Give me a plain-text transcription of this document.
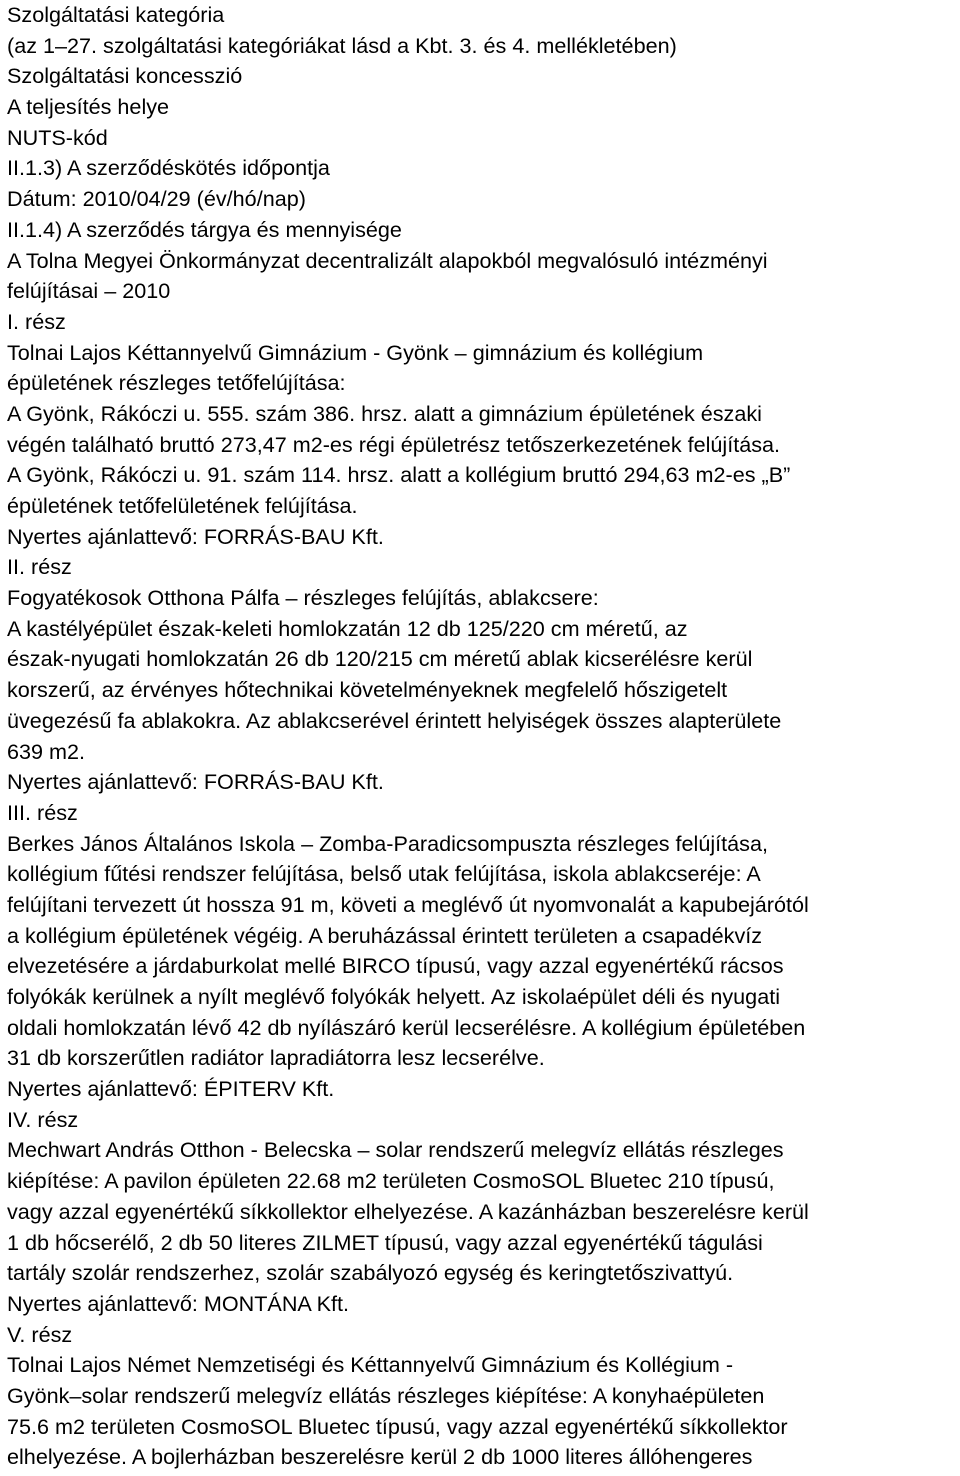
Szolgáltatási kategória
(az 1–27. szolgáltatási kategóriákat lásd a Kbt. 3. és 4. mellékletében)
Szolgáltatási koncesszió
A teljesítés helye
NUTS-kód
II.1.3) A szerződéskötés időpontja
Dátum: 2010/04/29 (év/hó/nap)
II.1.4) A szerződés tárgya és mennyisége
A Tolna Megyei Önkormányzat decentralizált alapokból megvalósuló intézményi
felújításai – 2010
I. rész
Tolnai Lajos Kéttannyelvű Gimnázium - Gyönk – gimnázium és kollégium
épületének részleges tetőfelújítása:
A Gyönk, Rákóczi u. 555. szám 386. hrsz. alatt a gimnázium épületének északi
végén található bruttó 273,47 m2-es régi épületrész tetőszerkezetének felújítása.
A Gyönk, Rákóczi u. 91. szám 114. hrsz. alatt a kollégium bruttó 294,63 m2-es „B”
épületének tetőfelületének felújítása.
Nyertes ajánlattevő: FORRÁS-BAU Kft.
II. rész
Fogyatékosok Otthona Pálfa – részleges felújítás, ablakcsere:
A kastélyépület észak-keleti homlokzatán 12 db 125/220 cm méretű, az
észak-nyugati homlokzatán 26 db 120/215 cm méretű ablak kicserélésre kerül
korszerű, az érvényes hőtechnikai követelményeknek megfelelő hőszigetelt
üvegezésű fa ablakokra. Az ablakcserével érintett helyiségek összes alapterülete
639 m2.
Nyertes ajánlattevő: FORRÁS-BAU Kft.
III. rész
Berkes János Általános Iskola – Zomba-Paradicsompuszta részleges felújítása,
kollégium fűtési rendszer felújítása, belső utak felújítása, iskola ablakcseréje: A
felújítani tervezett út hossza 91 m, követi a meglévő út nyomvonalát a kapubejárótól
a kollégium épületének végéig. A beruházással érintett területen a csapadékvíz
elvezetésére a járdaburkolat mellé BIRCO típusú, vagy azzal egyenértékű rácsos
folyókák kerülnek a nyílt meglévő folyókák helyett. Az iskolaépület déli és nyugati
oldali homlokzatán lévő 42 db nyílászáró kerül lecserélésre. A kollégium épületében
31 db korszerűtlen radiátor lapradiátorra lesz lecserélve.
Nyertes ajánlattevő: ÉPITERV Kft.
IV. rész
Mechwart András Otthon - Belecska – solar rendszerű melegvíz ellátás részleges
kiépítése: A pavilon épületen 22.68 m2 területen CosmoSOL Bluetec 210 típusú,
vagy azzal egyenértékű síkkollektor elhelyezése. A kazánházban beszerelésre kerül
1 db hőcserélő, 2 db 50 literes ZILMET típusú, vagy azzal egyenértékű tágulási
tartály szolár rendszerhez, szolár szabályozó egység és keringtetőszivattyú.
Nyertes ajánlattevő: MONTÁNA Kft.
V. rész
Tolnai Lajos Német Nemzetiségi és Kéttannyelvű Gimnázium és Kollégium -
Gyönk–solar rendszerű melegvíz ellátás részleges kiépítése: A konyhaépületen
75.6 m2 területen CosmoSOL Bluetec típusú, vagy azzal egyenértékű síkkollektor
elhelyezése. A bojlerházban beszerelésre kerül 2 db 1000 literes állóhengeres
